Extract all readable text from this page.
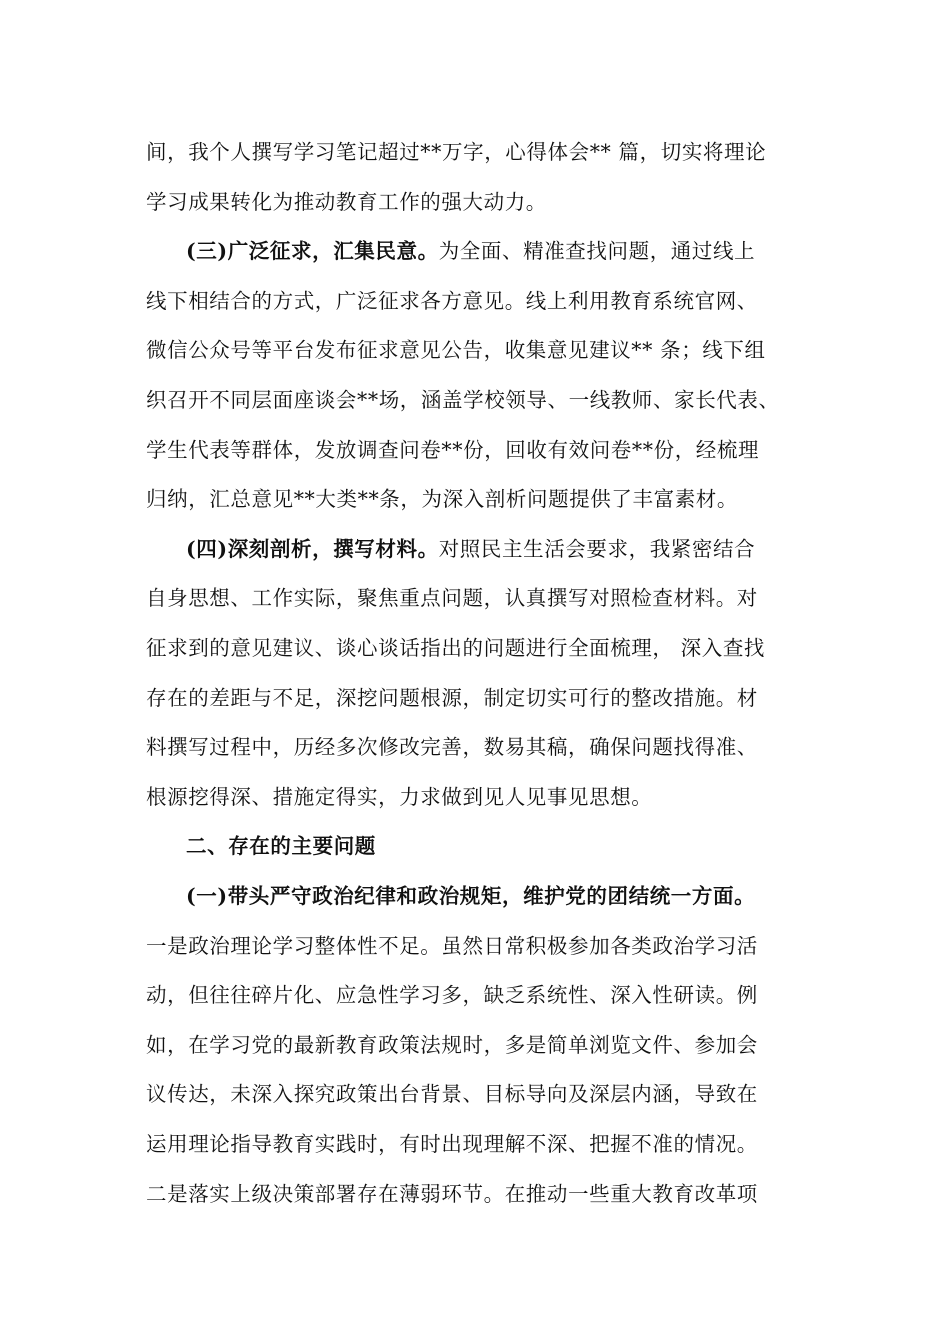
间，我个人撰写学习笔记超过**万字，心得体会** 篇，切实将理论
学习成果转化为推动教育工作的强大动力。
(三)广泛征求，汇集民意。为全面、精准查找问题，通过线上
线下相结合的方式，广泛征求各方意见。线上利用教育系统官网、
微信公众号等平台发布征求意见公告，收集意见建议** 条；线下组
织召开不同层面座谈会**场，涵盖学校领导、一线教师、家长代表、
学生代表等群体，发放调查问卷**份，回收有效问卷**份，经梳理
归纳，汇总意见**大类**条，为深入剖析问题提供了丰富素材。
(四)深刻剖析，撰写材料。对照民主生活会要求，我紧密结合
自身思想、工作实际，聚焦重点问题，认真撰写对照检查材料。对
征求到的意见建议、谈心谈话指出的问题进行全面梳理， 深入查找
存在的差距与不足，深挖问题根源，制定切实可行的整改措施。材
料撰写过程中，历经多次修改完善，数易其稿，确保问题找得准、
根源挖得深、措施定得实，力求做到见人见事见思想。
二、存在的主要问题
(一)带头严守政治纪律和政治规矩，维护党的团结统一方面。
一是政治理论学习整体性不足。虽然日常积极参加各类政治学习活
动，但往往碎片化、应急性学习多，缺乏系统性、深入性研读。例
如，在学习党的最新教育政策法规时，多是简单浏览文件、参加会
议传达，未深入探究政策出台背景、目标导向及深层内涵，导致在
运用理论指导教育实践时，有时出现理解不深、把握不准的情况。
二是落实上级决策部署存在薄弱环节。在推动一些重大教育改革项
